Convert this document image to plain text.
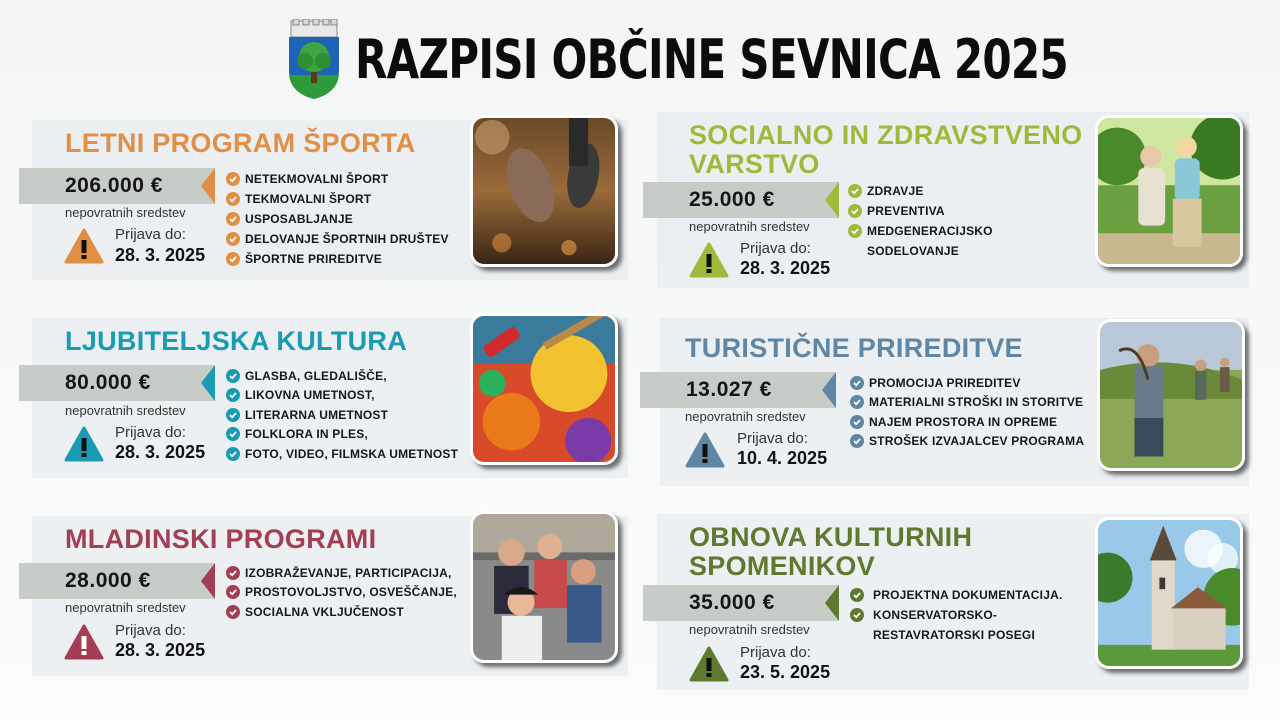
RAZPISI OBČINE SEVNICA 2025
LETNI PROGRAM ŠPORTA
206.000 €
nepovratnih sredstev
Prijava do:
28. 3. 2025
NETEKMOVALNI ŠPORT
TEKMOVALNI ŠPORT
USPOSABLJANJE
DELOVANJE ŠPORTNIH DRUŠTEV
ŠPORTNE PRIREDITVE
LJUBITELJSKA KULTURA
80.000 €
nepovratnih sredstev
Prijava do:
28. 3. 2025
GLASBA, GLEDALIŠČE,
LIKOVNA UMETNOST,
LITERARNA UMETNOST
FOLKLORA IN PLES,
FOTO, VIDEO, FILMSKA UMETNOST
MLADINSKI PROGRAMI
28.000 €
nepovratnih sredstev
Prijava do:
28. 3. 2025
IZOBRAŽEVANJE, PARTICIPACIJA,
PROSTOVOLJSTVO, OSVEŠČANJE,
SOCIALNA VKLJUČENOST
SOCIALNO IN ZDRAVSTVENO
VARSTVO
25.000 €
nepovratnih sredstev
Prijava do:
28. 3. 2025
ZDRAVJE
PREVENTIVA
MEDGENERACIJSKO
SODELOVANJE
TURISTIČNE PRIREDITVE
13.027 €
nepovratnih sredstev
Prijava do:
10. 4. 2025
PROMOCIJA PRIREDITEV
MATERIALNI STROŠKI IN STORITVE
NAJEM PROSTORA IN OPREME
STROŠEK IZVAJALCEV PROGRAMA
OBNOVA KULTURNIH
SPOMENIKOV
35.000 €
nepovratnih sredstev
Prijava do:
23. 5. 2025
PROJEKTNA DOKUMENTACIJA.
KONSERVATORSKO-
RESTAVRATORSKI POSEGI
